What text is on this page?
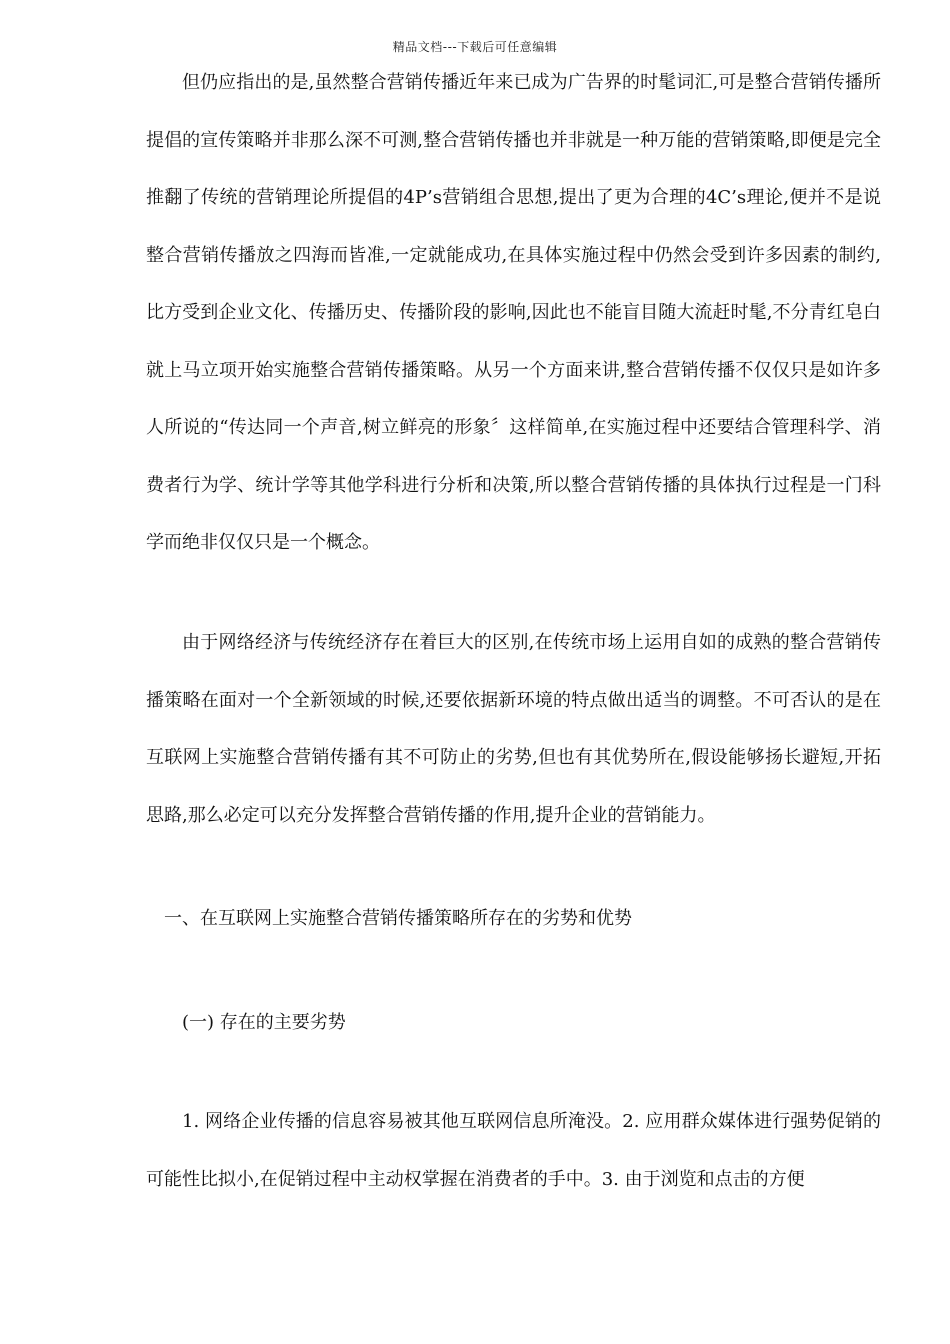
精品文档---下载后可任意编辑

但仍应指出的是,虽然整合营销传播近年来已成为广告界的时髦词汇,可是整合营销传播所提倡的宣传策略并非那么深不可测,整合营销传播也并非就是一种万能的营销策略,即便是完全推翻了传统的营销理论所提倡的4P’s营销组合思想,提出了更为合理的4C’s理论,便并不是说整合营销传播放之四海而皆准,一定就能成功,在具体实施过程中仍然会受到许多因素的制约,比方受到企业文化、传播历史、传播阶段的影响,因此也不能盲目随大流赶时髦,不分青红皂白就上马立项开始实施整合营销传播策略。从另一个方面来讲,整合营销传播不仅仅只是如许多人所说的“传达同一个声音,树立鲜亮的形象〞这样简单,在实施过程中还要结合管理科学、消费者行为学、统计学等其他学科进行分析和决策,所以整合营销传播的具体执行过程是一门科学而绝非仅仅只是一个概念。

由于网络经济与传统经济存在着巨大的区别,在传统市场上运用自如的成熟的整合营销传播策略在面对一个全新领域的时候,还要依据新环境的特点做出适当的调整。不可否认的是在互联网上实施整合营销传播有其不可防止的劣势,但也有其优势所在,假设能够扬长避短,开拓思路,那么必定可以充分发挥整合营销传播的作用,提升企业的营销能力。

一、在互联网上实施整合营销传播策略所存在的劣势和优势
(一) 存在的主要劣势

1. 网络企业传播的信息容易被其他互联网信息所淹没。2. 应用群众媒体进行强势促销的可能性比拟小,在促销过程中主动权掌握在消费者的手中。3. 由于浏览和点击的方便
